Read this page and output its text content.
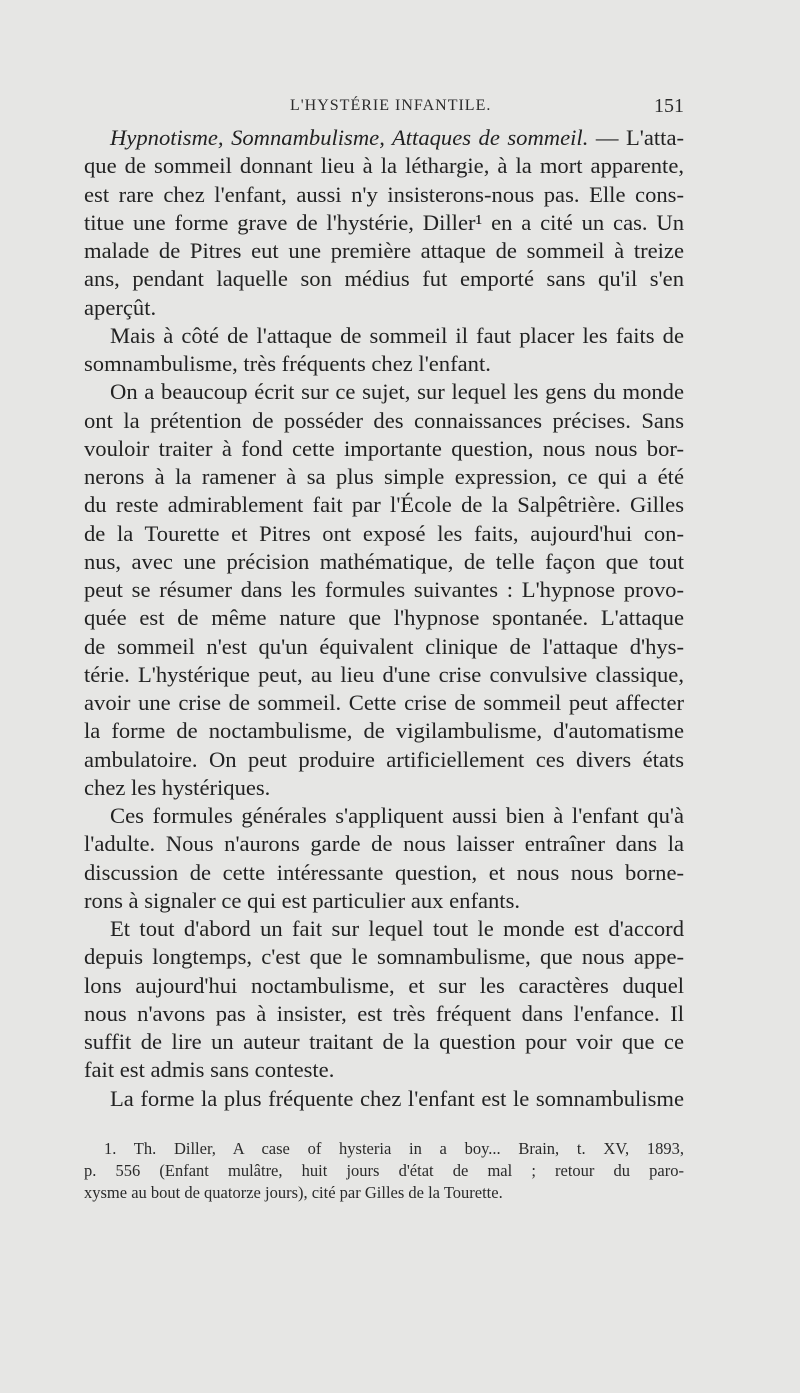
L'HYSTÉRIE INFANTILE.	151
Hypnotisme, Somnambulisme, Attaques de sommeil. — L'atta-
que de sommeil donnant lieu à la léthargie, à la mort apparente,
est rare chez l'enfant, aussi n'y insisterons-nous pas. Elle cons-
titue une forme grave de l'hystérie, Diller¹ en a cité un cas. Un
malade de Pitres eut une première attaque de sommeil à treize
ans, pendant laquelle son médius fut emporté sans qu'il s'en
aperçût.
Mais à côté de l'attaque de sommeil il faut placer les faits de
somnambulisme, très fréquents chez l'enfant.
On a beaucoup écrit sur ce sujet, sur lequel les gens du monde
ont la prétention de posséder des connaissances précises. Sans
vouloir traiter à fond cette importante question, nous nous bor-
nerons à la ramener à sa plus simple expression, ce qui a été
du reste admirablement fait par l'École de la Salpêtrière. Gilles
de la Tourette et Pitres ont exposé les faits, aujourd'hui con-
nus, avec une précision mathématique, de telle façon que tout
peut se résumer dans les formules suivantes : L'hypnose provo-
quée est de même nature que l'hypnose spontanée. L'attaque
de sommeil n'est qu'un équivalent clinique de l'attaque d'hys-
térie. L'hystérique peut, au lieu d'une crise convulsive classique,
avoir une crise de sommeil. Cette crise de sommeil peut affecter
la forme de noctambulisme, de vigilambulisme, d'automatisme
ambulatoire. On peut produire artificiellement ces divers états
chez les hystériques.
Ces formules générales s'appliquent aussi bien à l'enfant qu'à
l'adulte. Nous n'aurons garde de nous laisser entraîner dans la
discussion de cette intéressante question, et nous nous borne-
rons à signaler ce qui est particulier aux enfants.
Et tout d'abord un fait sur lequel tout le monde est d'accord
depuis longtemps, c'est que le somnambulisme, que nous appe-
lons aujourd'hui noctambulisme, et sur les caractères duquel
nous n'avons pas à insister, est très fréquent dans l'enfance. Il
suffit de lire un auteur traitant de la question pour voir que ce
fait est admis sans conteste.
La forme la plus fréquente chez l'enfant est le somnambulisme
1. Th. Diller, A case of hysteria in a boy... Brain, t. XV, 1893,
p. 556 (Enfant mulâtre, huit jours d'état de mal ; retour du paro-
xysme au bout de quatorze jours), cité par Gilles de la Tourette.
